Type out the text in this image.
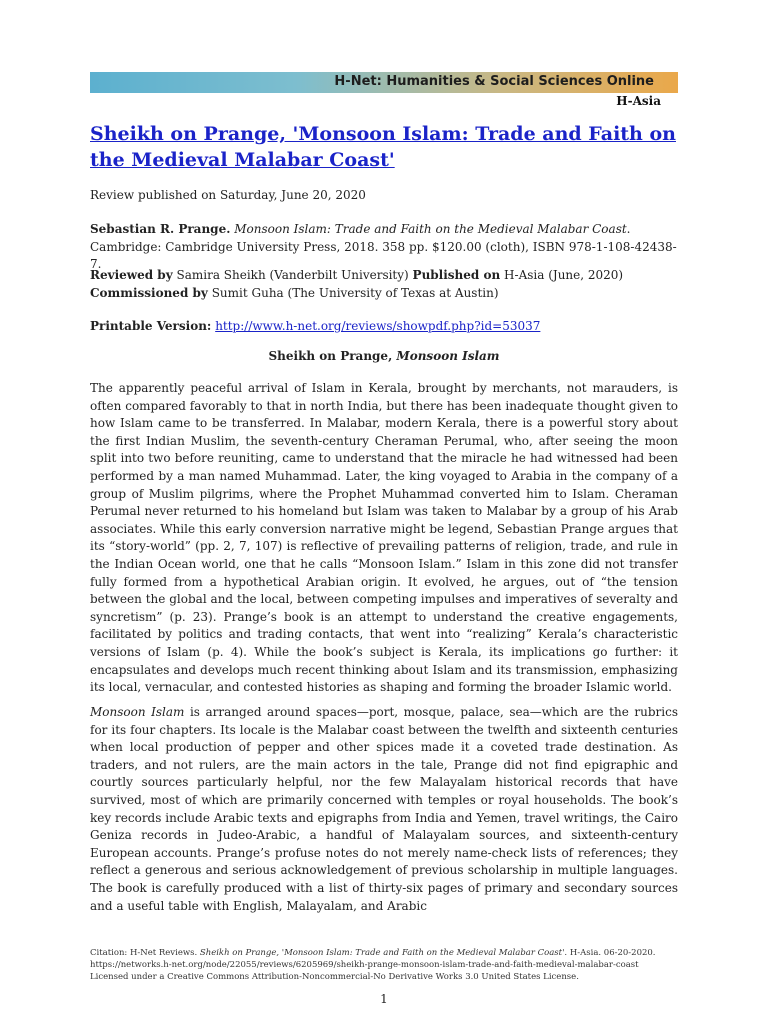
H-Net: Humanities & Social Sciences Online
H-Asia
Sheikh on Prange, 'Monsoon Islam: Trade and Faith on the Medieval Malabar Coast'

Review published on Saturday, June 20, 2020

Sebastian R. Prange. Monsoon Islam: Trade and Faith on the Medieval Malabar Coast. Cambridge: Cambridge University Press, 2018. 358 pp. $120.00 (cloth), ISBN 978-1-108-42438-7.

Reviewed by Samira Sheikh (Vanderbilt University) Published on H-Asia (June, 2020)
Commissioned by Sumit Guha (The University of Texas at Austin)

Printable Version: http://www.h-net.org/reviews/showpdf.php?id=53037

Sheikh on Prange, Monsoon Islam

The apparently peaceful arrival of Islam in Kerala, brought by merchants, not marauders, is often compared favorably to that in north India, but there has been inadequate thought given to how Islam came to be transferred. In Malabar, modern Kerala, there is a powerful story about the first Indian Muslim, the seventh-century Cheraman Perumal, who, after seeing the moon split into two before reuniting, came to understand that the miracle he had witnessed had been performed by a man named Muhammad. Later, the king voyaged to Arabia in the company of a group of Muslim pilgrims, where the Prophet Muhammad converted him to Islam. Cheraman Perumal never returned to his homeland but Islam was taken to Malabar by a group of his Arab associates. While this early conversion narrative might be legend, Sebastian Prange argues that its “story-world” (pp. 2, 7, 107) is reflective of prevailing patterns of religion, trade, and rule in the Indian Ocean world, one that he calls “Monsoon Islam.” Islam in this zone did not transfer fully formed from a hypothetical Arabian origin. It evolved, he argues, out of “the tension between the global and the local, between competing impulses and imperatives of severalty and syncretism” (p. 23). Prange’s book is an attempt to understand the creative engagements, facilitated by politics and trading contacts, that went into “realizing” Kerala’s characteristic versions of Islam (p. 4). While the book’s subject is Kerala, its implications go further: it encapsulates and develops much recent thinking about Islam and its transmission, emphasizing its local, vernacular, and contested histories as shaping and forming the broader Islamic world.

Monsoon Islam is arranged around spaces—port, mosque, palace, sea—which are the rubrics for its four chapters. Its locale is the Malabar coast between the twelfth and sixteenth centuries when local production of pepper and other spices made it a coveted trade destination. As traders, and not rulers, are the main actors in the tale, Prange did not find epigraphic and courtly sources particularly helpful, nor the few Malayalam historical records that have survived, most of which are primarily concerned with temples or royal households. The book’s key records include Arabic texts and epigraphs from India and Yemen, travel writings, the Cairo Geniza records in Judeo-Arabic, a handful of Malayalam sources, and sixteenth-century European accounts. Prange’s profuse notes do not merely name-check lists of references; they reflect a generous and serious acknowledgement of previous scholarship in multiple languages. The book is carefully produced with a list of thirty-six pages of primary and secondary sources and a useful table with English, Malayalam, and Arabic

Citation: H-Net Reviews. Sheikh on Prange, 'Monsoon Islam: Trade and Faith on the Medieval Malabar Coast'. H-Asia. 06-20-2020.
https://networks.h-net.org/node/22055/reviews/6205969/sheikh-prange-monsoon-islam-trade-and-faith-medieval-malabar-coast
Licensed under a Creative Commons Attribution-Noncommercial-No Derivative Works 3.0 United States License.
1
